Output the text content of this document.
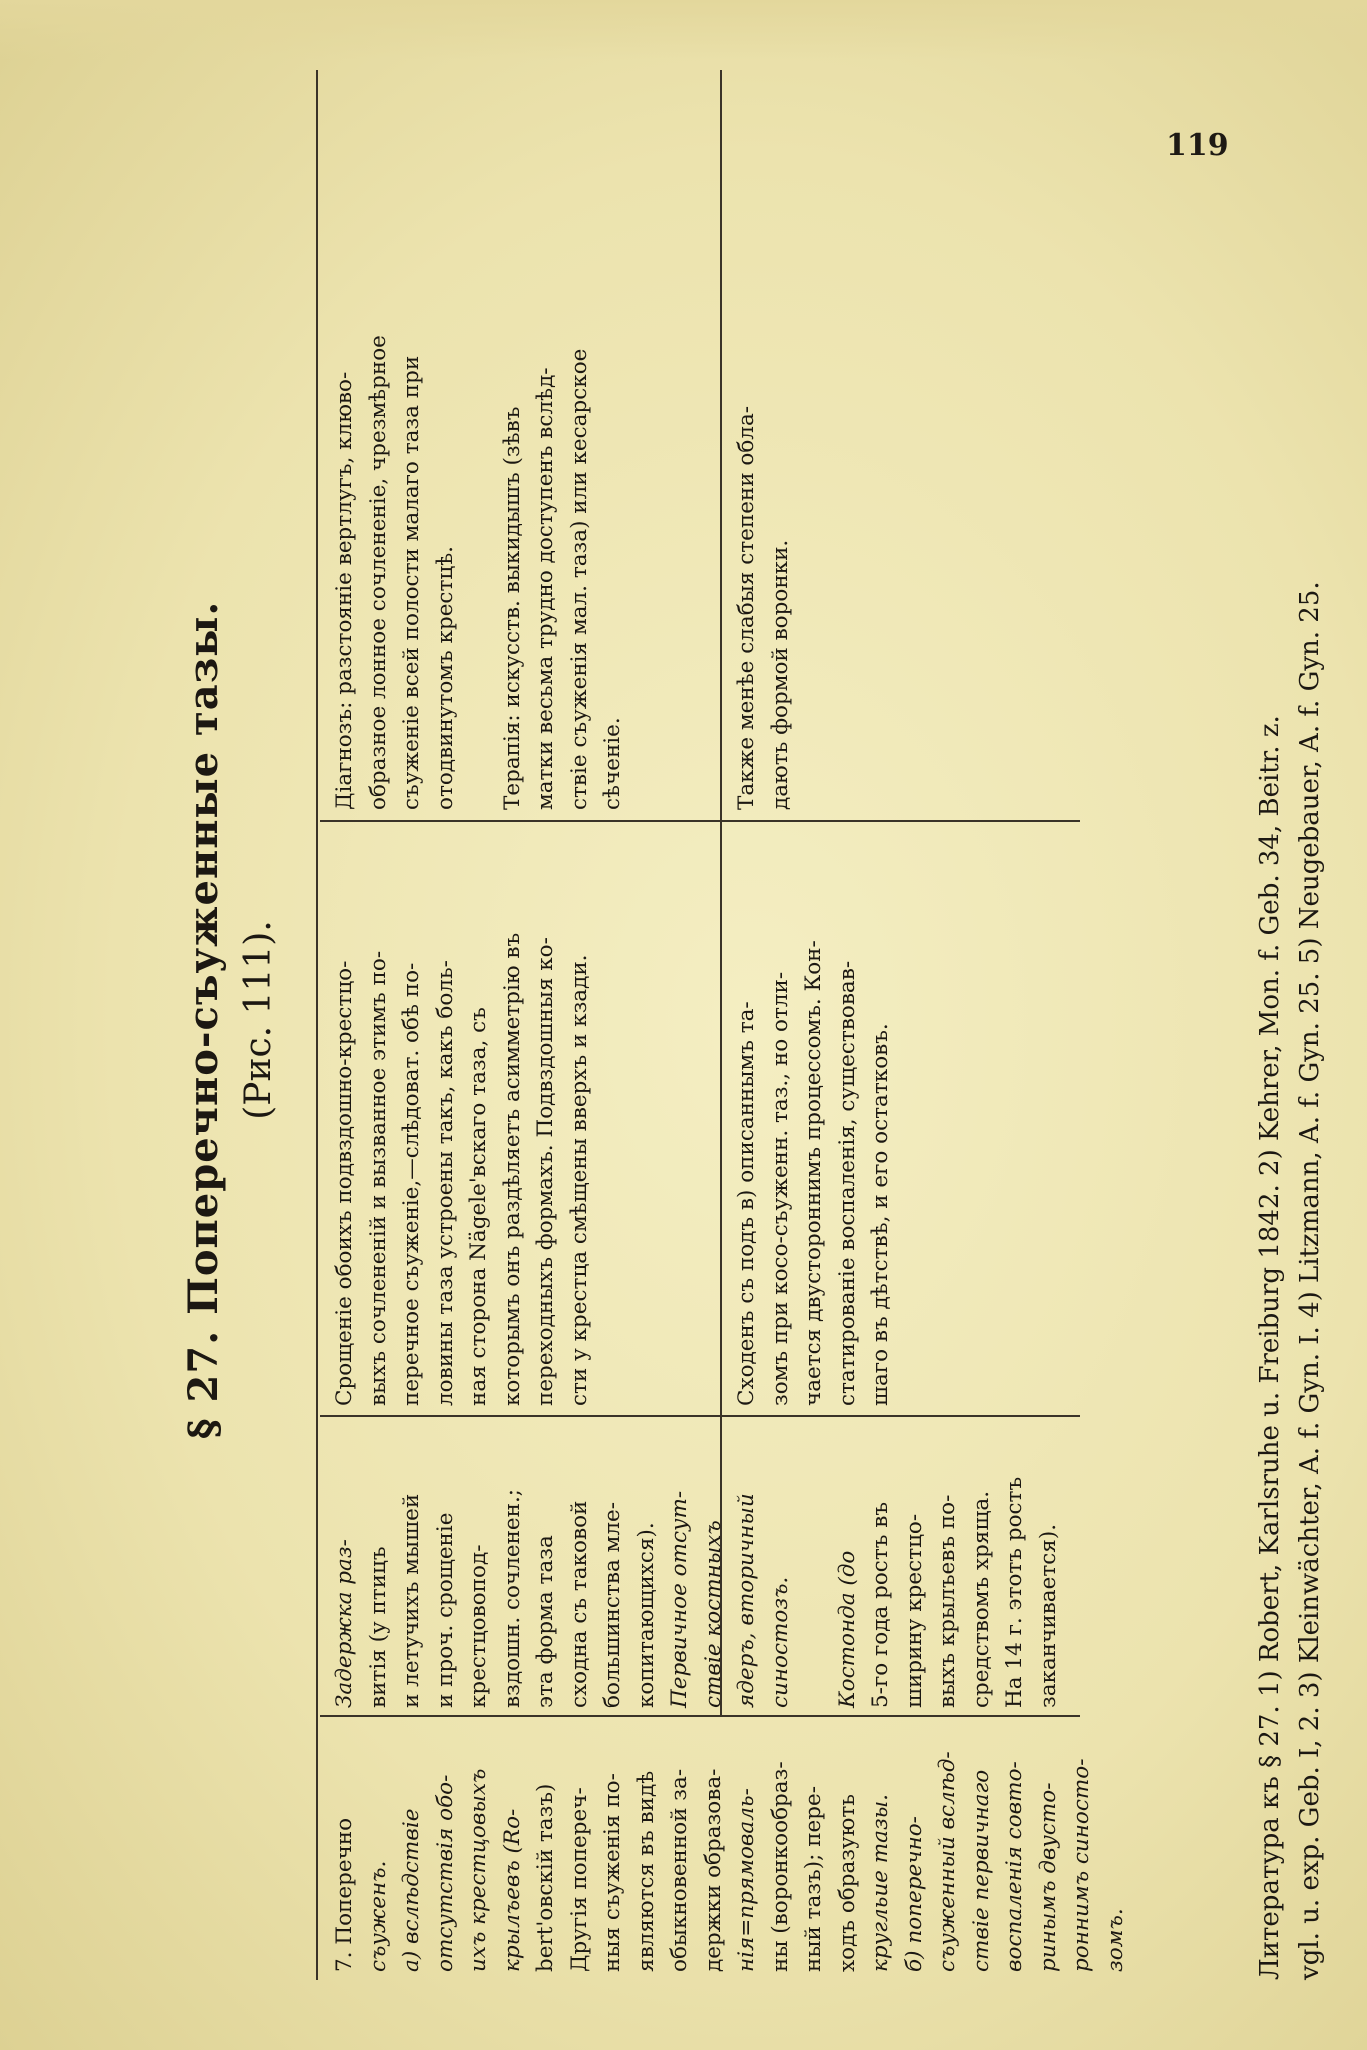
119
§ 27. Поперечно-съуженные тазы. (Рис. 111).
7. Поперечно съуженъ. а) вслѣдствіе отсутствія обо- ихъ крестцовыхъ крылъевъ (Ro- bert'овскій тазъ) Другія попереч- ныя съуженія по- являются въ видѣ обыкновенной за- держки образова- нія=прямоваль- ны (воронкообраз- ный тазъ); пере- ходъ образують кругльие тазы. б) поперечно- съуженный вслѣд- ствіе первичнаго воспаленія совто- ринымъ двусто- роннимъ синосто- зомъ.
Задержка раз- витія (у птицъ и летучихъ мышей и проч. срощеніе крестцовопод- вздошн. сочленен.; эта форма таза сходна съ таковой большинства мле- копитающихся). Первичное отсут- ствіе костныхъ ядеръ, вторичный синостозъ. Костонда (до 5-го года ростъ въ ширину крестцо- выхъ крылъевъ по- средствомъ хряща. На 14 г. этотъ ростъ заканчивается).
Срощеніе обоихъ подвздошно-крестцо- выхъ сочлененій и вызванное этимъ по- перечное съуженіе,—слѣдоват. обѣ по- ловины таза устроены такъ, какъ боль- ная сторона Nägele'вскаго таза, съ которымъ онъ раздѣляетъ асимметрію въ переходныхъ формахъ. Подвздошныя ко- сти у крестца смѣщены вверхъ и кзади.	Сходенъ съ подъ в) описаннымъ та- зомъ при косо-съуженн. таз., но отли- чается двустороннимъ процессомъ. Кон- статированіе воспаленія, существовав- шаго въ дѣтствѣ, и его остатковъ.
Діагнозъ: разстояніе вертлугъ, клюво- образное лонное сочлененіе, чрезмѣрное съуженіе всей полости малаго таза при отодвинутомъ крестцѣ. Терапія: искусств. выкидышъ (зѣвъ матки весьма трудно доступенъ вслѣд- ствіе съуженія мал. таза) или кесарское сѣченіе.	Также менѣе слабыя степени обла- дають формой воронки.
Литература къ § 27. 1) Robert, Karlsruhe u. Freiburg 1842. 2) Kehrer, Mon. f. Geb. 34, Beitr. z. vgl. u. exp. Geb. I, 2. 3) Kleinwächter, A. f. Gyn. I. 4) Litzmann, A. f. Gyn. 25. 5) Neugebauer, A. f. Gyn. 25.
